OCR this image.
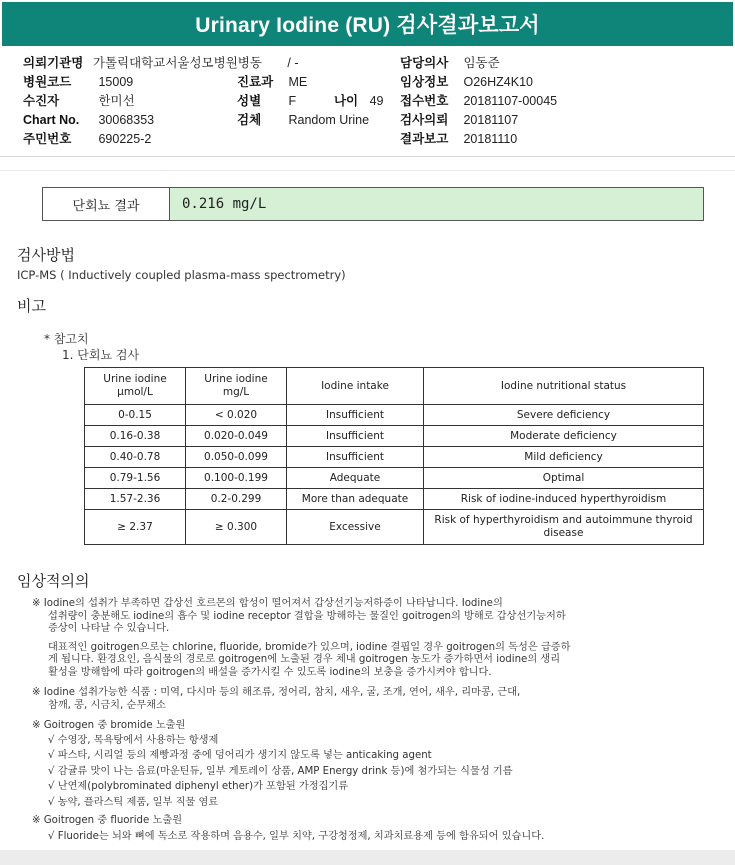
Urinary Iodine (RU) 검사결과보고서
의뢰기관명 가톨릭대학교서울성모병원병동 / -
병원코드 15009
수진자	한미선
Chart No. 30068353
주민번호 690225-2
진료과 ME
성별 F	나이 49
검체 Random Urine
담당의사 임동준
임상정보 O26HZ4K10
접수번호 20181107-00045
검사의뢰 20181107
결과보고 20181110
단회뇨 결과	0.216 mg/L
검사방법
ICP-MS ( Inductively coupled plasma-mass spectrometry)
비고
* 참고치
1. 단회뇨 검사
Urine iodine μmol/L	Urine iodine mg/L	Iodine intake	Iodine nutritional status
0-0.15	< 0.020	Insufficient	Severe deficiency
0.16-0.38	0.020-0.049	Insufficient	Moderate deficiency
0.40-0.78	0.050-0.099	Insufficient	Mild deficiency
0.79-1.56	0.100-0.199	Adequate	Optimal
1.57-2.36	0.2-0.299	More than adequate	Risk of iodine-induced hyperthyroidism
≥ 2.37	≥ 0.300	Excessive	Risk of hyperthyroidism and autoimmune thyroid disease
임상적의의
※ Iodine의 섭취가 부족하면 갑상선 호르몬의 합성이 떨어져서 갑상선기능저하증이 나타납니다. Iodine의
섭취량이 충분해도 iodine의 흡수 및 iodine receptor 결합을 방해하는 물질인 goitrogen의 방해로 갑상선기능저하
증상이 나타날 수 있습니다.
대표적인 goitrogen으로는 chlorine, fluoride, bromide가 있으며, iodine 결핍일 경우 goitrogen의 독성은 급증하
게 됩니다. 환경요인, 음식물의 경로로 goitrogen에 노출된 경우 체내 goitrogen 농도가 증가하면서 iodine의 생리
활성을 방해함에 따라 goitrogen의 배설을 증가시킬 수 있도록 iodine의 보충을 증가시켜야 합니다.
※ Iodine 섭취가능한 식품 : 미역, 다시마 등의 해조류, 정어리, 참치, 새우, 굴, 조개, 연어, 새우, 리마콩, 근대,
참깨, 콩, 시금치, 순무채소
※ Goitrogen 중 bromide 노출원
√ 수영장, 목욕탕에서 사용하는 항생제
√ 파스타, 시리얼 등의 제빵과정 중에 덩어리가 생기지 않도록 넣는 anticaking agent
√ 감귤류 맛이 나는 음료(마운틴듀, 일부 게토레이 상품, AMP Energy drink 등)에 첨가되는 식물성 기름
√ 난연제(polybrominated diphenyl ether)가 포함된 가정집기류
√ 농약, 플라스틱 제품, 일부 직물 염료
※ Goitrogen 중 fluoride 노출원
√ Fluoride는 뇌와 뼈에 독소로 작용하며 음용수, 일부 치약, 구강청정제, 치과치료용제 등에 함유되어 있습니다.
